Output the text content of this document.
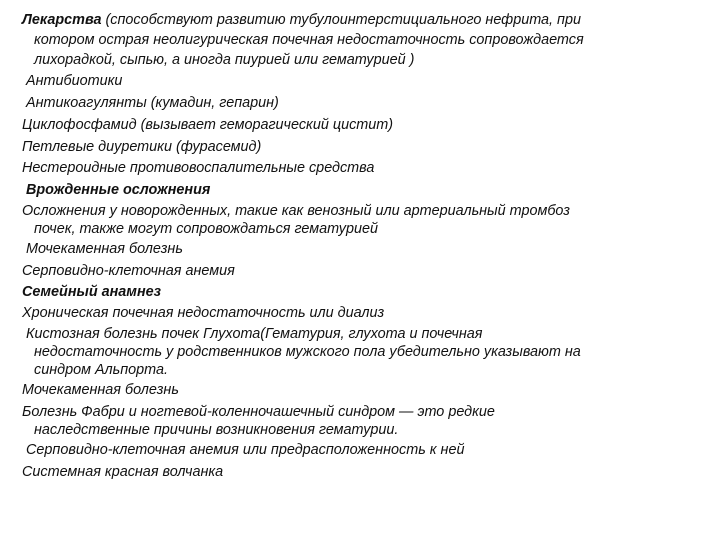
Лекарства (способствуют развитию тубулоинтерстициального нефрита, при
котором острая неолигурическая почечная недостаточность сопровождается
лихорадкой, сыпью, а иногда пиурией или гематурией )
Антибиотики
Антикоагулянты (кумадин, гепарин)
Циклофосфамид (вызывает геморагический цистит)
Петлевые диуретики (фурасемид)
Нестероидные противовоспалительные средства
Врожденные осложнения
Осложнения у новорожденных, такие как венозный или артериальный тромбоз
почек, также могут сопровождаться гематурией
Мочекаменная болезнь
Серповидно-клеточная анемия
Семейный анамнез
Хроническая почечная недостаточность или диализ
Кистозная болезнь почек Глухота(Гематурия, глухота и почечная
недостаточность у родственников мужского пола убедительно указывают на
синдром Альпорта.
Мочекаменная болезнь
Болезнь Фабри и ногтевой-коленночашечный синдром — это редкие
наследственные причины возникновения гематурии.
Серповидно-клеточная анемия или предрасположенность к ней
Системная красная волчанка
